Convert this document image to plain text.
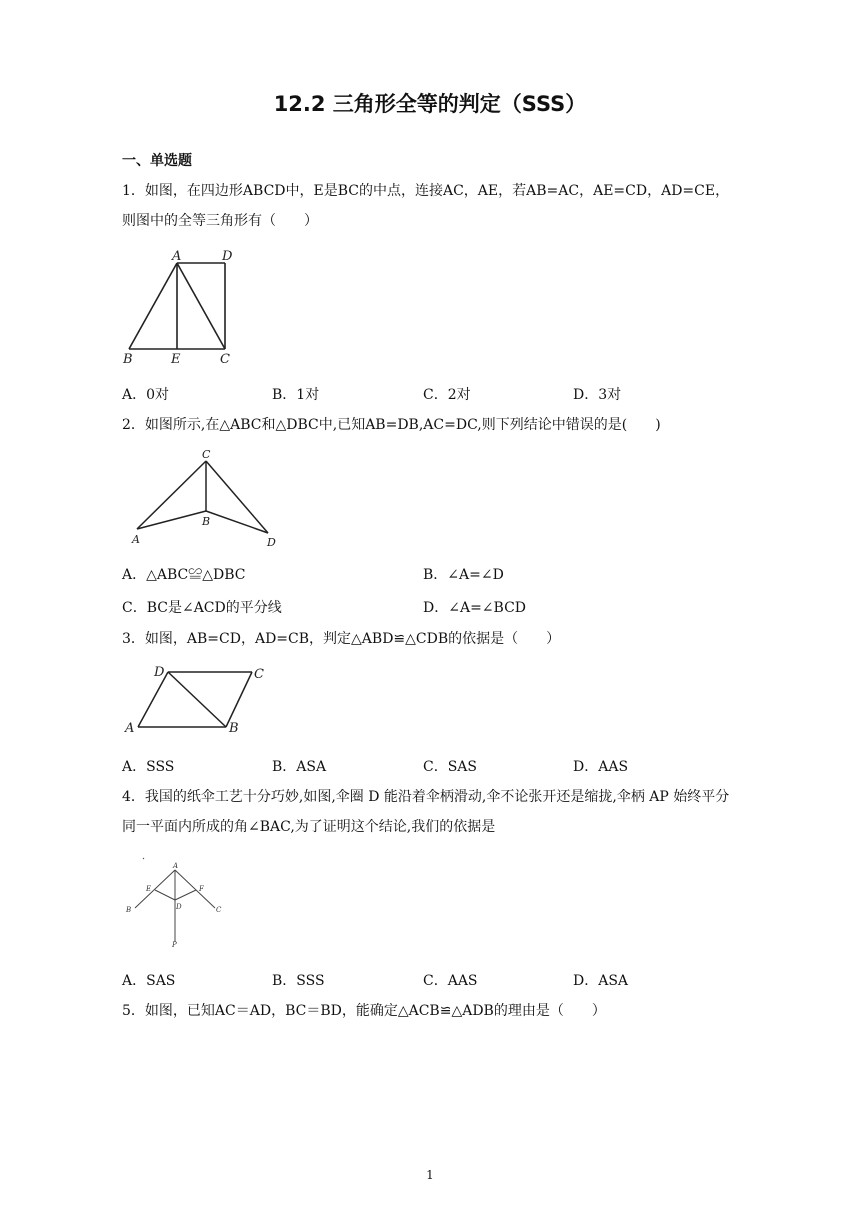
12.2 三角形全等的判定（SSS）
一、单选题
1．如图，在四边形ABCD中，E是BC的中点，连接AC，AE，若AB=AC，AE=CD，AD=CE，则图中的全等三角形有（　　）
A	D
B	E	C
A．0对	B．1对	C．2对	D．3对
2．如图所示,在△ABC和△DBC中,已知AB=DB,AC=DC,则下列结论中错误的是(　　)
C
B
A	D
A．△ABC≌△DBC	B．∠A=∠D
C．BC是∠ACD的平分线	D．∠A=∠BCD
3．如图，AB=CD，AD=CB，判定△ABD≌△CDB的依据是（　　）
D	C
A	B
A．SSS	B．ASA	C．SAS	D．AAS
4．我国的纸伞工艺十分巧妙,如图,伞圈 D 能沿着伞柄滑动,伞不论张开还是缩拢,伞柄 AP 始终平分同一平面内所成的角∠BAC,为了证明这个结论,我们的依据是
A
E	F
D
B	C
P
A．SAS	B．SSS	C．AAS	D．ASA
5．如图，已知AC＝AD，BC＝BD，能确定△ACB≌△ADB的理由是（　　）
1
